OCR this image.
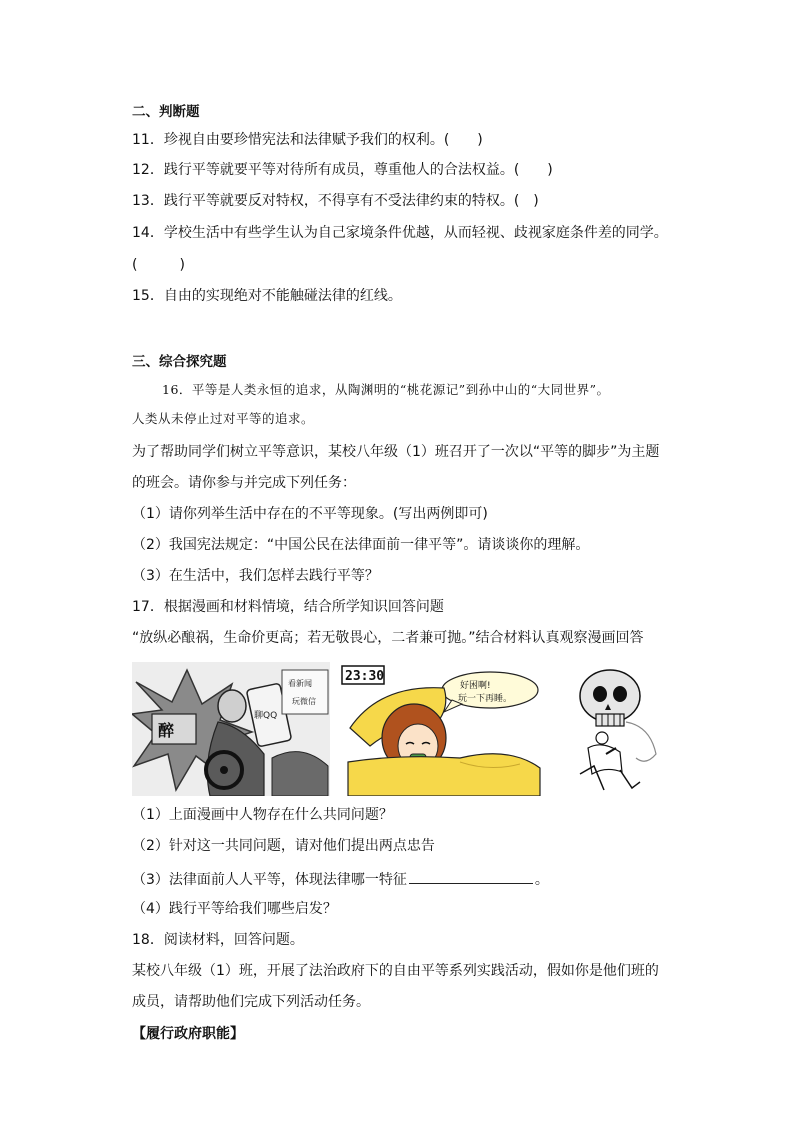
二、判断题
11．珍视自由要珍惜宪法和法律赋予我们的权利。(　　)
12．践行平等就要平等对待所有成员，尊重他人的合法权益。(　　)
13．践行平等就要反对特权，不得享有不受法律约束的特权。(　)
14．学校生活中有些学生认为自己家境条件优越，从而轻视、歧视家庭条件差的同学。
(　　　)
15．自由的实现绝对不能触碰法律的红线。
三、综合探究题
16．平等是人类永恒的追求，从陶渊明的“桃花源记”到孙中山的“大同世界”。
人类从未停止过对平等的追求。
为了帮助同学们树立平等意识，某校八年级（1）班召开了一次以“平等的脚步”为主题
的班会。请你参与并完成下列任务：
（1）请你列举生活中存在的不平等现象。(写出两例即可)
（2）我国宪法规定：“中国公民在法律面前一律平等”。请谈谈你的理解。
（3）在生活中，我们怎样去践行平等？
17．根据漫画和材料情境，结合所学知识回答问题
“放纵必酿祸，生命价更高；若无敬畏心，二者兼可抛。”结合材料认真观察漫画回答
醉
聊QQ
看新闻
玩微信
23:30
好困啊!
玩一下再睡。
（1）上面漫画中人物存在什么共同问题？
（2）针对这一共同问题，请对他们提出两点忠告
（3）法律面前人人平等，体现法律哪一特征	。
（4）践行平等给我们哪些启发？
18．阅读材料，回答问题。
某校八年级（1）班，开展了法治政府下的自由平等系列实践活动，假如你是他们班的
成员，请帮助他们完成下列活动任务。
【履行政府职能】
